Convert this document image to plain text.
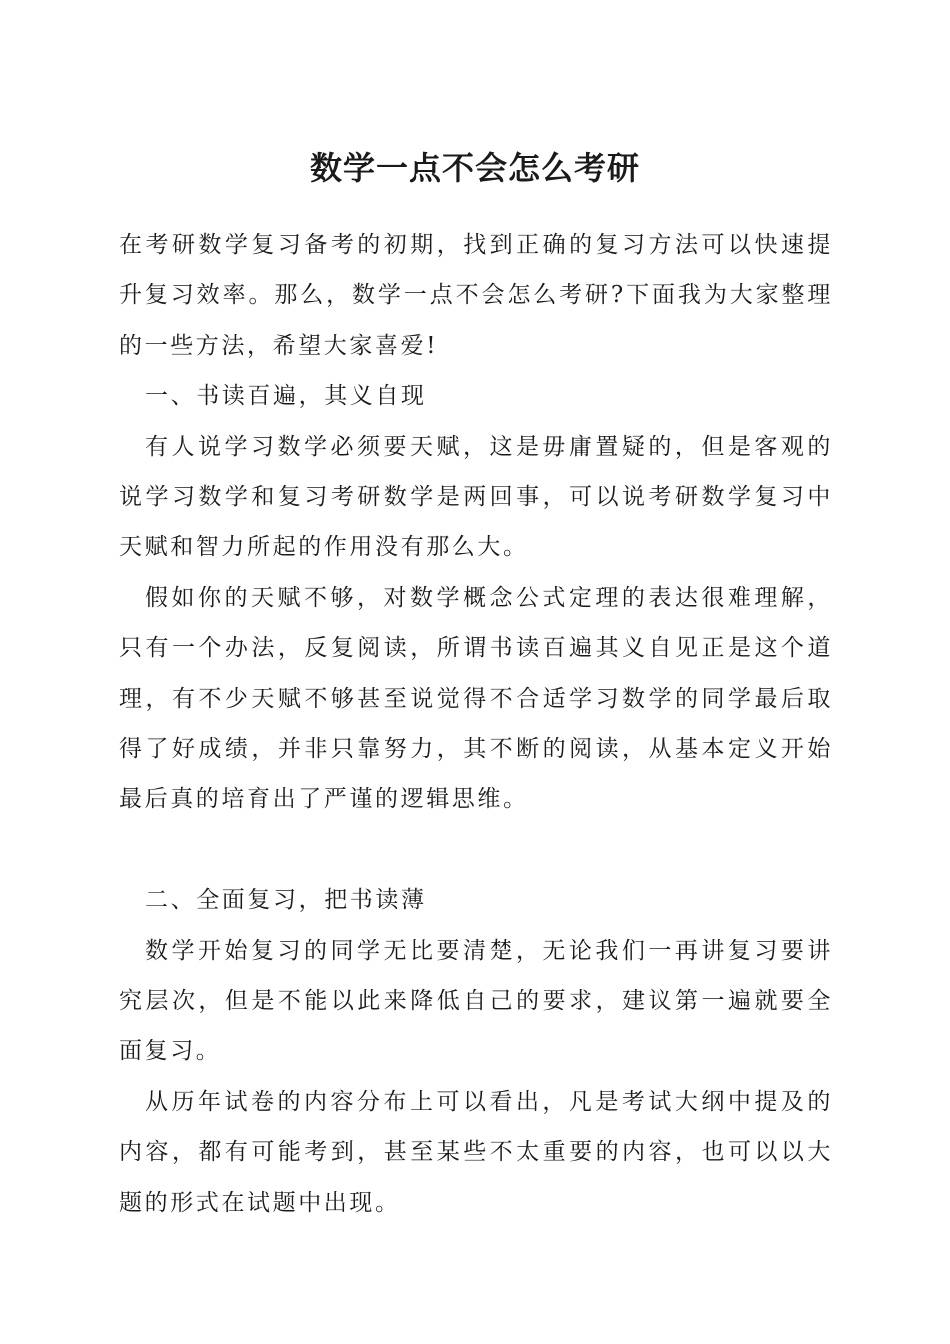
数学一点不会怎么考研

在考研数学复习备考的初期，找到正确的复习方法可以快速提升复习效率。那么，数学一点不会怎么考研?下面我为大家整理的一些方法，希望大家喜爱!

一、书读百遍，其义自现

有人说学习数学必须要天赋，这是毋庸置疑的，但是客观的说学习数学和复习考研数学是两回事，可以说考研数学复习中天赋和智力所起的作用没有那么大。

假如你的天赋不够，对数学概念公式定理的表达很难理解，只有一个办法，反复阅读，所谓书读百遍其义自见正是这个道理，有不少天赋不够甚至说觉得不合适学习数学的同学最后取得了好成绩，并非只靠努力，其不断的阅读，从基本定义开始最后真的培育出了严谨的逻辑思维。

二、全面复习，把书读薄

数学开始复习的同学无比要清楚，无论我们一再讲复习要讲究层次，但是不能以此来降低自己的要求，建议第一遍就要全面复习。

从历年试卷的内容分布上可以看出，凡是考试大纲中提及的内容，都有可能考到，甚至某些不太重要的内容，也可以以大题的形式在试题中出现。
